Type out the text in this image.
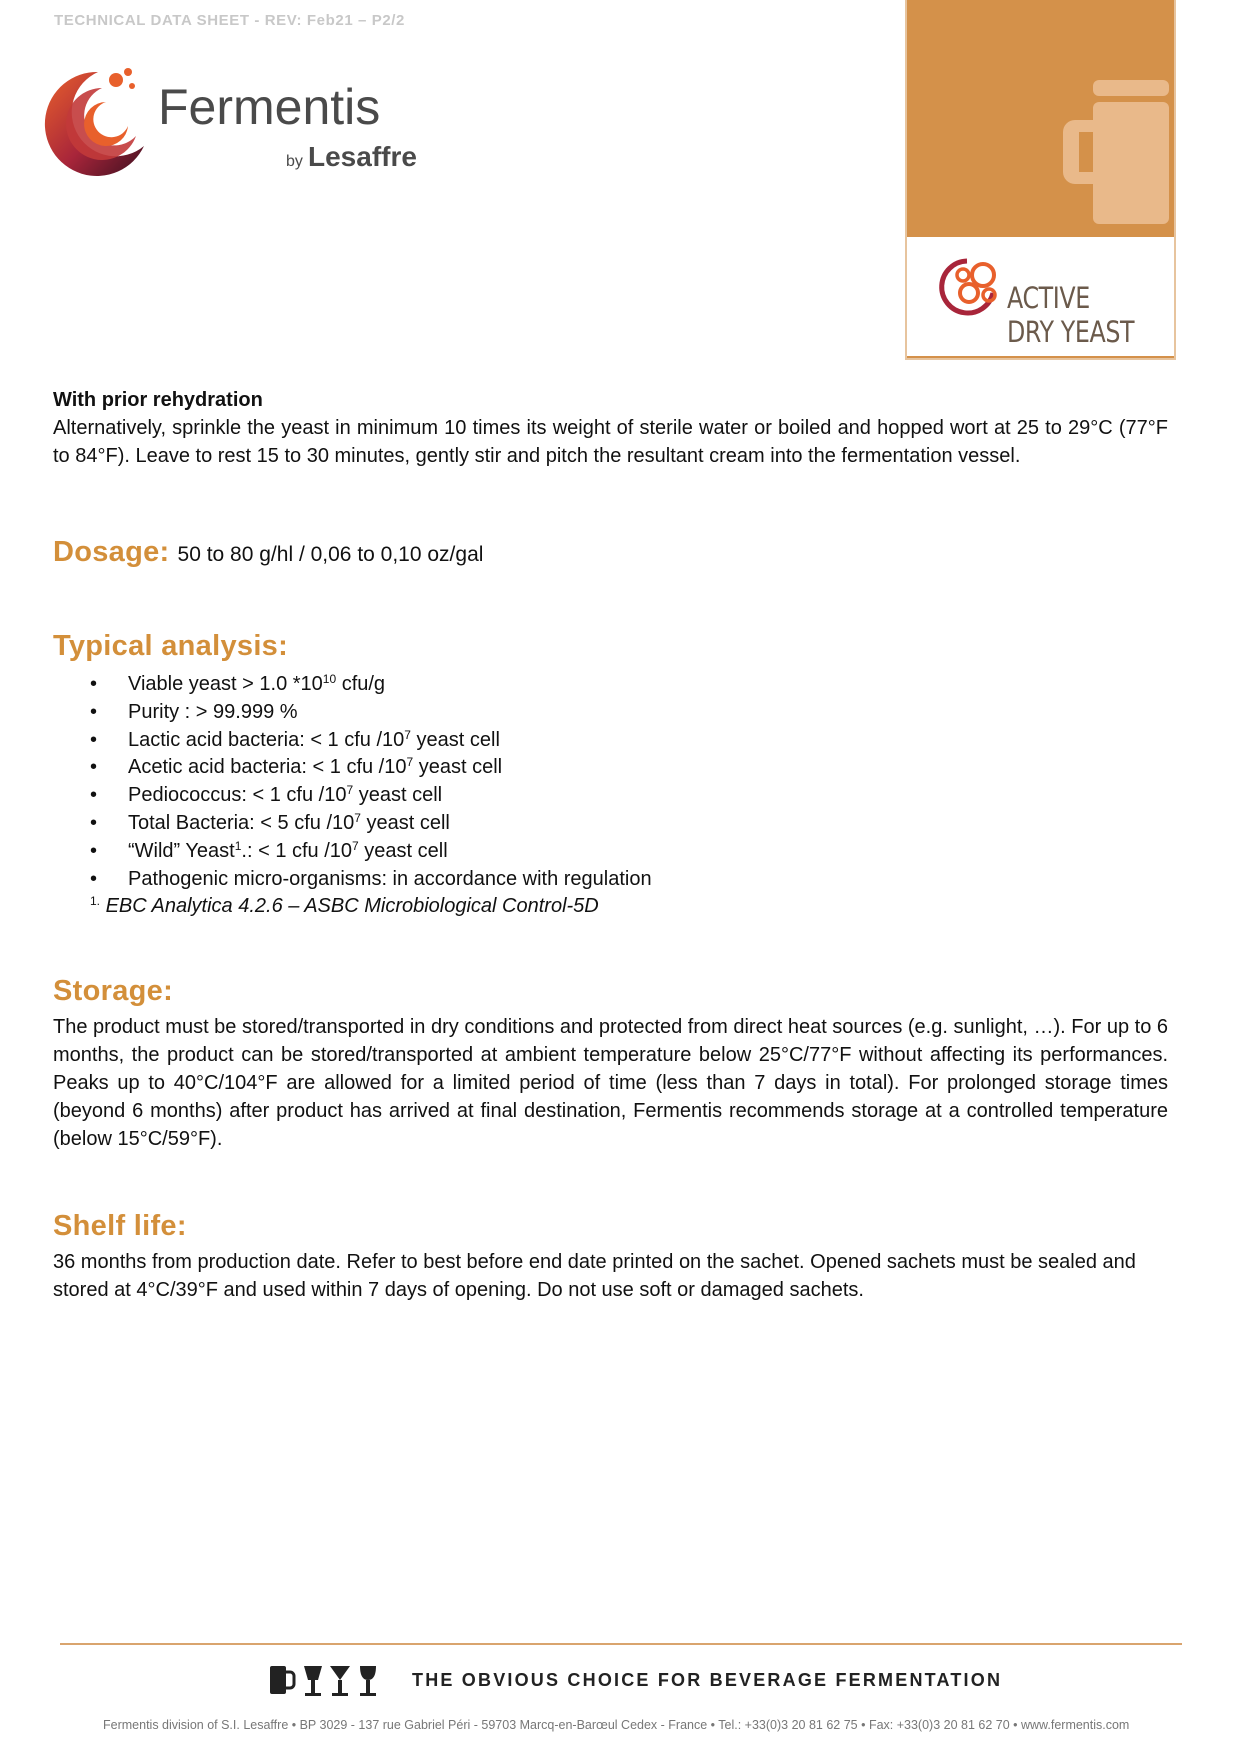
TECHNICAL DATA SHEET - REV: Feb21 – P2/2
Fermentis
by Lesaffre
ACTIVE
DRY YEAST

With prior rehydration

Alternatively, sprinkle the yeast in minimum 10 times its weight of sterile water or boiled and hopped wort at 25 to 29°C (77°F to 84°F). Leave to rest 15 to 30 minutes, gently stir and pitch the resultant cream into the fermentation vessel.

Dosage: 50 to 80 g/hl / 0,06 to 0,10 oz/gal
Typical analysis:
• Viable yeast > 1.0 $*10^{10}$ cfu/g
• Purity : > 99.999 %
• Lactic acid bacteria: < 1 cfu $/10^7$ yeast cell
• Acetic acid bacteria: < 1 cfu $/10^7$ yeast cell
• Pediococcus: < 1 cfu $/10^7$ yeast cell
• Total Bacteria: < 5 cfu $/10^7$ yeast cell
• “Wild” Yeast$^1$.: < 1 cfu $/10^7$ yeast cell
• Pathogenic micro-organisms: in accordance with regulation
$^{1.}$ EBC Analytica 4.2.6 – ASBC Microbiological Control-5D
Storage:
The product must be stored/transported in dry conditions and protected from direct heat sources (e.g. sunlight, …). For up to 6 months, the product can be stored/transported at ambient temperature below 25°C/77°F without affecting its performances. Peaks up to 40°C/104°F are allowed for a limited period of time (less than 7 days in total). For prolonged storage times (beyond 6 months) after product has arrived at final destination, Fermentis recommends storage at a controlled temperature (below 15°C/59°F).
Shelf life:
36 months from production date. Refer to best before end date printed on the sachet. Opened sachets must be sealed and stored at 4°C/39°F and used within 7 days of opening. Do not use soft or damaged sachets.
THE OBVIOUS CHOICE FOR BEVERAGE FERMENTATION
Fermentis division of S.I. Lesaffre • BP 3029 - 137 rue Gabriel Péri - 59703 Marcq-en-Barœul Cedex - France • Tel.: +33(0)3 20 81 62 75 • Fax: +33(0)3 20 81 62 70 • www.fermentis.com
